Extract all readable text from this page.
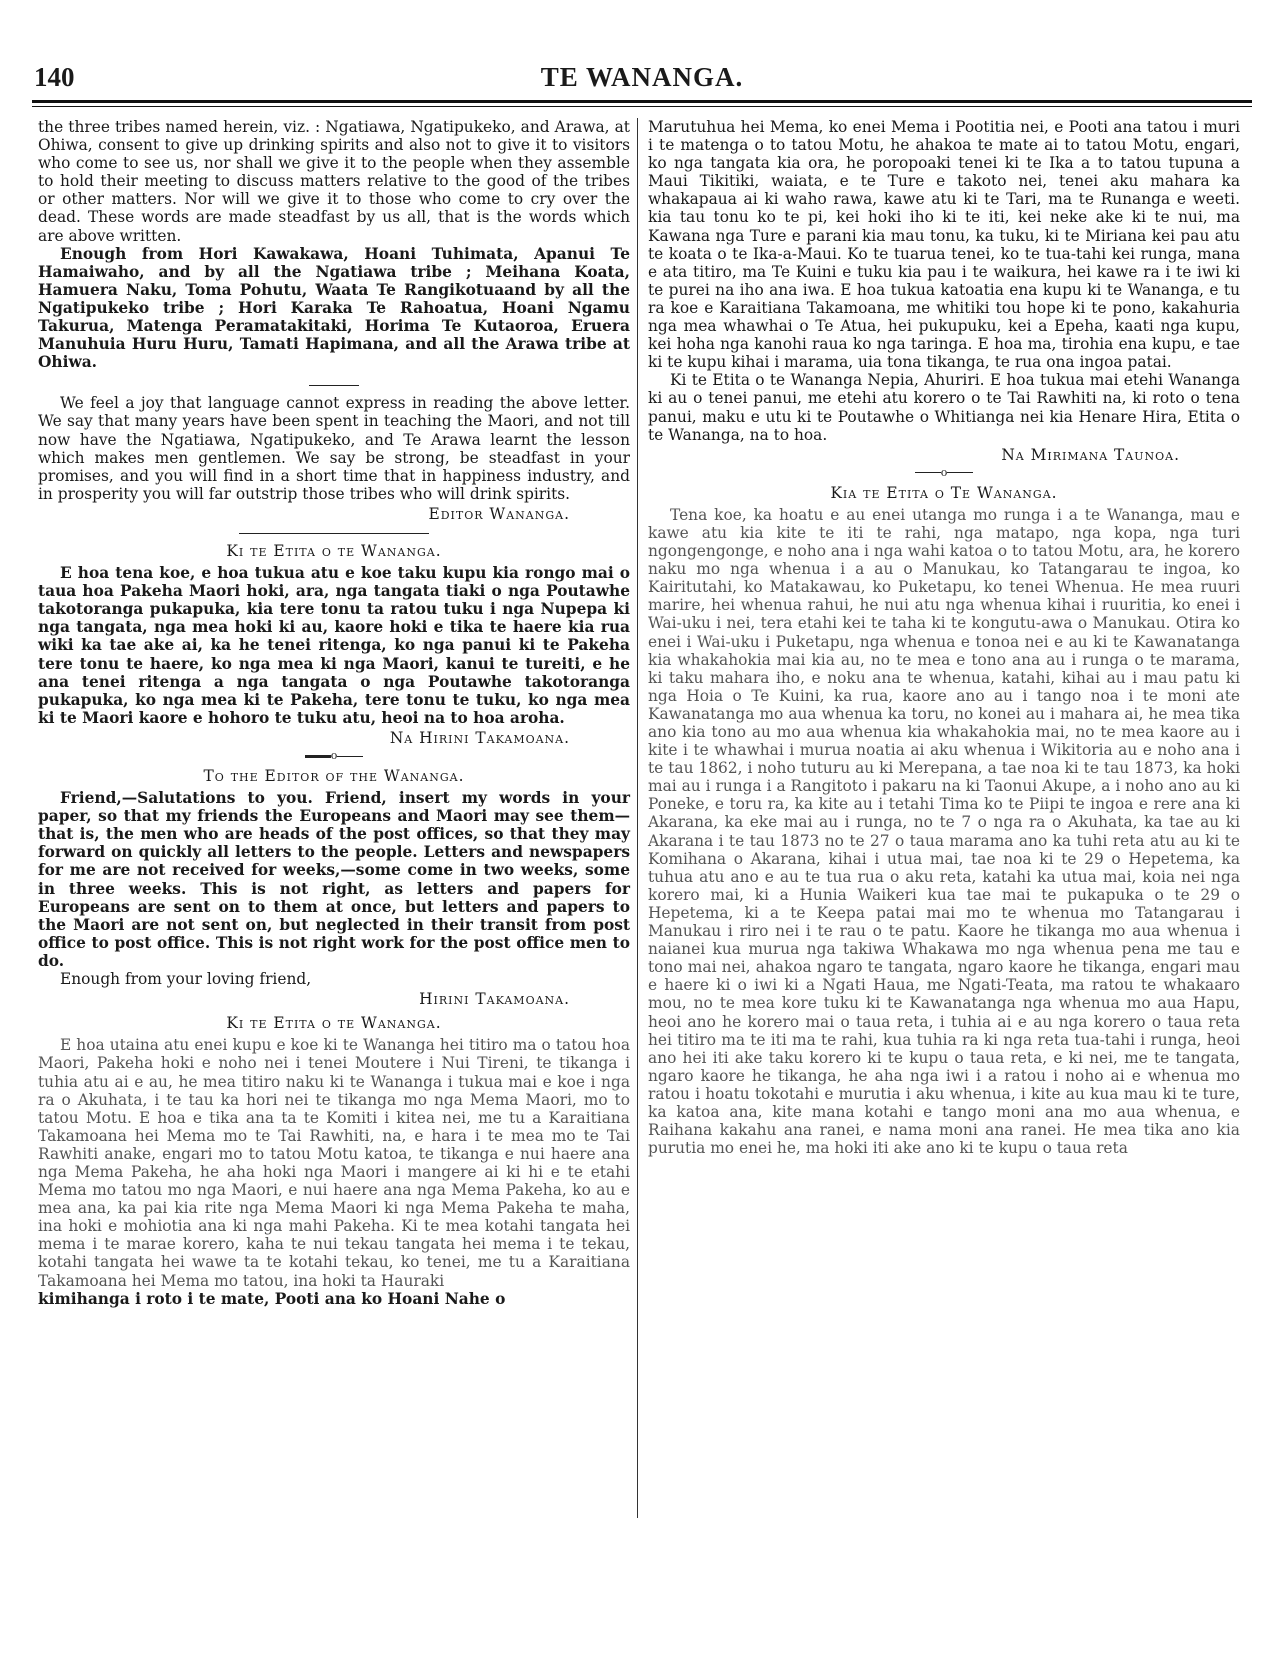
140	TE WANANGA.

the three tribes named herein, viz. : Ngatiawa, Ngatipukeko, and Arawa, at Ohiwa, consent to give up drinking spirits and also not to give it to visitors who come to see us, nor shall we give it to the people when they assemble to hold their meeting to discuss matters relative to the good of the tribes or other matters. Nor will we give it to those who come to cry over the dead. These words are made steadfast by us all, that is the words which are above written.

Enough from Hori Kawakawa, Hoani Tuhimata, Apanui Te Hamaiwaho, and by all the Ngatiawa tribe ; Meihana Koata, Hamuera Naku, Toma Pohutu, Waata Te Rangikotuaand by all the Ngatipukeko tribe ; Hori Karaka Te Rahoatua, Hoani Ngamu Takurua, Matenga Peramatakitaki, Horima Te Kutaoroa, Eruera Manuhuia Huru Huru, Tamati Hapimana, and all the Arawa tribe at Ohiwa.

We feel a joy that language cannot express in reading the above letter. We say that many years have been spent in teaching the Maori, and not till now have the Ngatiawa, Ngatipukeko, and Te Arawa learnt the lesson which makes men gentlemen. We say be strong, be steadfast in your promises, and you will find in a short time that in happiness industry, and in prosperity you will far outstrip those tribes who will drink spirits.

Editor Wananga.
Ki te Etita o te Wananga.

E hoa tena koe, e hoa tukua atu e koe taku kupu kia rongo mai o taua hoa Pakeha Maori hoki, ara, nga tangata tiaki o nga Poutawhe takotoranga pukapuka, kia tere tonu ta ratou tuku i nga Nupepa ki nga tangata, nga mea hoki ki au, kaore hoki e tika te haere kia rua wiki ka tae ake ai, ka he tenei ritenga, ko nga panui ki te Pakeha tere tonu te haere, ko nga mea ki nga Maori, kanui te tureiti, e he ana tenei ritenga a nga tangata o nga Poutawhe takotoranga pukapuka, ko nga mea ki te Pakeha, tere tonu te tuku, ko nga mea ki te Maori kaore e hohoro te tuku atu, heoi na to hoa aroha.

Na Hirini Takamoana.
o
To the Editor of the Wananga.

Friend,—Salutations to you. Friend, insert my words in your paper, so that my friends the Europeans and Maori may see them—that is, the men who are heads of the post offices, so that they may forward on quickly all letters to the people. Letters and newspapers for me are not received for weeks,—some come in two weeks, some in three weeks. This is not right, as letters and papers for Europeans are sent on to them at once, but letters and papers to the Maori are not sent on, but neglected in their transit from post office to post office. This is not right work for the post office men to do.

Enough from your loving friend,

Hirini Takamoana.
Ki te Etita o te Wananga.

E hoa utaina atu enei kupu e koe ki te Wananga hei titiro ma o tatou hoa Maori, Pakeha hoki e noho nei i tenei Moutere i Nui Tireni, te tikanga i tuhia atu ai e au, he mea titiro naku ki te Wananga i tukua mai e koe i nga ra o Akuhata, i te tau ka hori nei te tikanga mo nga Mema Maori, mo to tatou Motu. E hoa e tika ana ta te Komiti i kitea nei, me tu a Karaitiana Takamoana hei Mema mo te Tai Rawhiti, na, e hara i te mea mo te Tai Rawhiti anake, engari mo to tatou Motu katoa, te tikanga e nui haere ana nga Mema Pakeha, he aha hoki nga Maori i mangere ai ki hi e te etahi Mema mo tatou mo nga Maori, e nui haere ana nga Mema Pakeha, ko au e mea ana, ka pai kia rite nga Mema Maori ki nga Mema Pakeha te maha, ina hoki e mohiotia ana ki nga mahi Pakeha. Ki te mea kotahi tangata hei mema i te marae korero, kaha te nui tekau tangata hei mema i te tekau, kotahi tangata hei wawe ta te kotahi tekau, ko tenei, me tu a Karaitiana Takamoana hei Mema mo tatou, ina hoki ta Hauraki

kimihanga i roto i te mate, Pooti ana ko Hoani Nahe o

Marutuhua hei Mema, ko enei Mema i Pootitia nei, e Pooti ana tatou i muri i te matenga o to tatou Motu, he ahakoa te mate ai to tatou Motu, engari, ko nga tangata kia ora, he poropoaki tenei ki te Ika a to tatou tupuna a Maui Tikitiki, waiata, e te Ture e takoto nei, tenei aku mahara ka whakapaua ai ki waho rawa, kawe atu ki te Tari, ma te Runanga e weeti. kia tau tonu ko te pi, kei hoki iho ki te iti, kei neke ake ki te nui, ma Kawana nga Ture e parani kia mau tonu, ka tuku, ki te Miriana kei pau atu te koata o te Ika-a-Maui. Ko te tuarua tenei, ko te tua-tahi kei runga, mana e ata titiro, ma Te Kuini e tuku kia pau i te waikura, hei kawe ra i te iwi ki te purei na iho ana iwa. E hoa tukua katoatia ena kupu ki te Wananga, e tu ra koe e Karaitiana Takamoana, me whitiki tou hope ki te pono, kakahuria nga mea whawhai o Te Atua, hei pukupuku, kei a Epeha, kaati nga kupu, kei hoha nga kanohi raua ko nga taringa. E hoa ma, tirohia ena kupu, e tae ki te kupu kihai i marama, uia tona tikanga, te rua ona ingoa patai.

Ki te Etita o te Wananga Nepia, Ahuriri. E hoa tukua mai etehi Wananga ki au o tenei panui, me etehi atu korero o te Tai Rawhiti na, ki roto o tena panui, maku e utu ki te Poutawhe o Whitianga nei kia Henare Hira, Etita o te Wananga, na to hoa.

Na Mirimana Taunoa.
o
Kia te Etita o Te Wananga.

Tena koe, ka hoatu e au enei utanga mo runga i a te Wananga, mau e kawe atu kia kite te iti te rahi, nga matapo, nga kopa, nga turi ngongengonge, e noho ana i nga wahi katoa o to tatou Motu, ara, he korero naku mo nga whenua i a au o Manukau, ko Tatangarau te ingoa, ko Kairitutahi, ko Matakawau, ko Puketapu, ko tenei Whenua. He mea ruuri marire, hei whenua rahui, he nui atu nga whenua kihai i ruuritia, ko enei i Wai-uku i nei, tera etahi kei te taha ki te kongutu-awa o Manukau. Otira ko enei i Wai-uku i Puketapu, nga whenua e tonoa nei e au ki te Kawanatanga kia whakahokia mai kia au, no te mea e tono ana au i runga o te marama, ki taku mahara iho, e noku ana te whenua, katahi, kihai au i mau patu ki nga Hoia o Te Kuini, ka rua, kaore ano au i tango noa i te moni ate Kawanatanga mo aua whenua ka toru, no konei au i mahara ai, he mea tika ano kia tono au mo aua whenua kia whakahokia mai, no te mea kaore au i kite i te whawhai i murua noatia ai aku whenua i Wikitoria au e noho ana i te tau 1862, i noho tuturu au ki Merepana, a tae noa ki te tau 1873, ka hoki mai au i runga i a Rangitoto i pakaru na ki Taonui Akupe, a i noho ano au ki Poneke, e toru ra, ka kite au i tetahi Tima ko te Piipi te ingoa e rere ana ki Akarana, ka eke mai au i runga, no te 7 o nga ra o Akuhata, ka tae au ki Akarana i te tau 1873 no te 27 o taua marama ano ka tuhi reta atu au ki te Komihana o Akarana, kihai i utua mai, tae noa ki te 29 o Hepetema, ka tuhua atu ano e au te tua rua o aku reta, katahi ka utua mai, koia nei nga korero mai, ki a Hunia Waikeri kua tae mai te pukapuka o te 29 o Hepetema, ki a te Keepa patai mai mo te whenua mo Tatangarau i Manukau i riro nei i te rau o te patu. Kaore he tikanga mo aua whenua i naianei kua murua nga takiwa Whakawa mo nga whenua pena me tau e tono mai nei, ahakoa ngaro te tangata, ngaro kaore he tikanga, engari mau e haere ki o iwi ki a Ngati Haua, me Ngati-Teata, ma ratou te whakaaro mou, no te mea kore tuku ki te Kawanatanga nga whenua mo aua Hapu, heoi ano he korero mai o taua reta, i tuhia ai e au nga korero o taua reta hei titiro ma te iti ma te rahi, kua tuhia ra ki nga reta tua-tahi i runga, heoi ano hei iti ake taku korero ki te kupu o taua reta, e ki nei, me te tangata, ngaro kaore he tikanga, he aha nga iwi i a ratou i noho ai e whenua mo ratou i hoatu tokotahi e murutia i aku whenua, i kite au kua mau ki te ture, ka katoa ana, kite mana kotahi e tango moni ana mo aua whenua, e Raihana kakahu ana ranei, e nama moni ana ranei. He mea tika ano kia purutia mo enei he, ma hoki iti ake ano ki te kupu o taua reta
